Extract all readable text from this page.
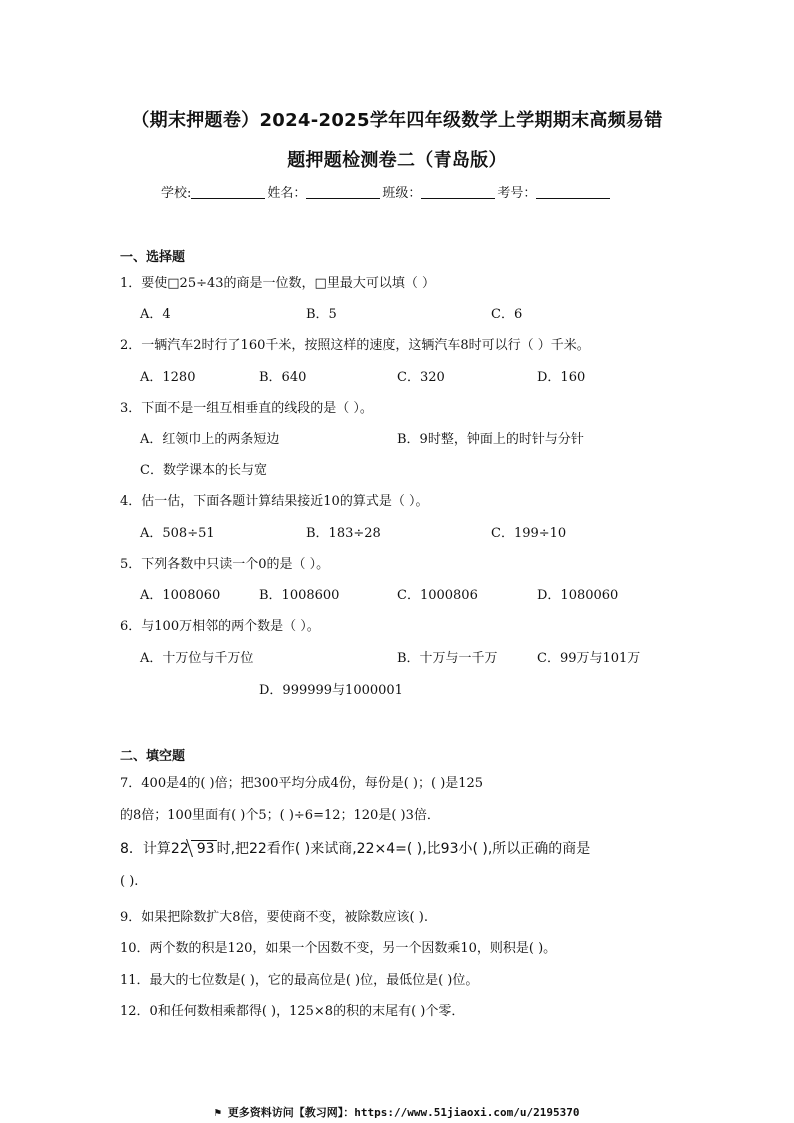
（期末押题卷）2024-2025学年四年级数学上学期期末高频易错
题押题检测卷二（青岛版）
学校:	姓名：	班级：	考号：
一、选择题
1．要使□25÷43的商是一位数，□里最大可以填（ ）
A．4	B．5	C．6
2．一辆汽车2时行了160千米，按照这样的速度，这辆汽车8时可以行（ ）千米。
A．1280	B．640	C．320	D．160
3．下面不是一组互相垂直的线段的是（ ）。
A．红领巾上的两条短边	B．9时整，钟面上的时针与分针
C．数学课本的长与宽
4．估一估，下面各题计算结果接近10的算式是（ ）。
A．508÷51	B．183÷28	C．199÷10
5．下列各数中只读一个0的是（ ）。
A．1008060	B．1008600	C．1000806	D．1080060
6．与100万相邻的两个数是（ ）。
A．十万位与千万位	B．十万与一千万	C．99万与101万
D．999999与1000001
二、填空题
7．400是4的( )倍；把300平均分成4份，每份是( )；( )是125
的8倍；100里面有( )个5；( )÷6=12；120是( )3倍．
8．计算22 93 时,把22看作( )来试商,22×4=( ),比93小( ),所以正确的商是
( ).
9．如果把除数扩大8倍，要使商不变，被除数应该( ).
10．两个数的积是120，如果一个因数不变，另一个因数乘10，则积是( )。
11．最大的七位数是( )，它的最高位是( )位，最低位是( )位。
12．0和任何数相乘都得( )，125×8的积的末尾有( )个零．
⚑ 更多资料访问【教习网】：https://www.51jiaoxi.com/u/2195370
